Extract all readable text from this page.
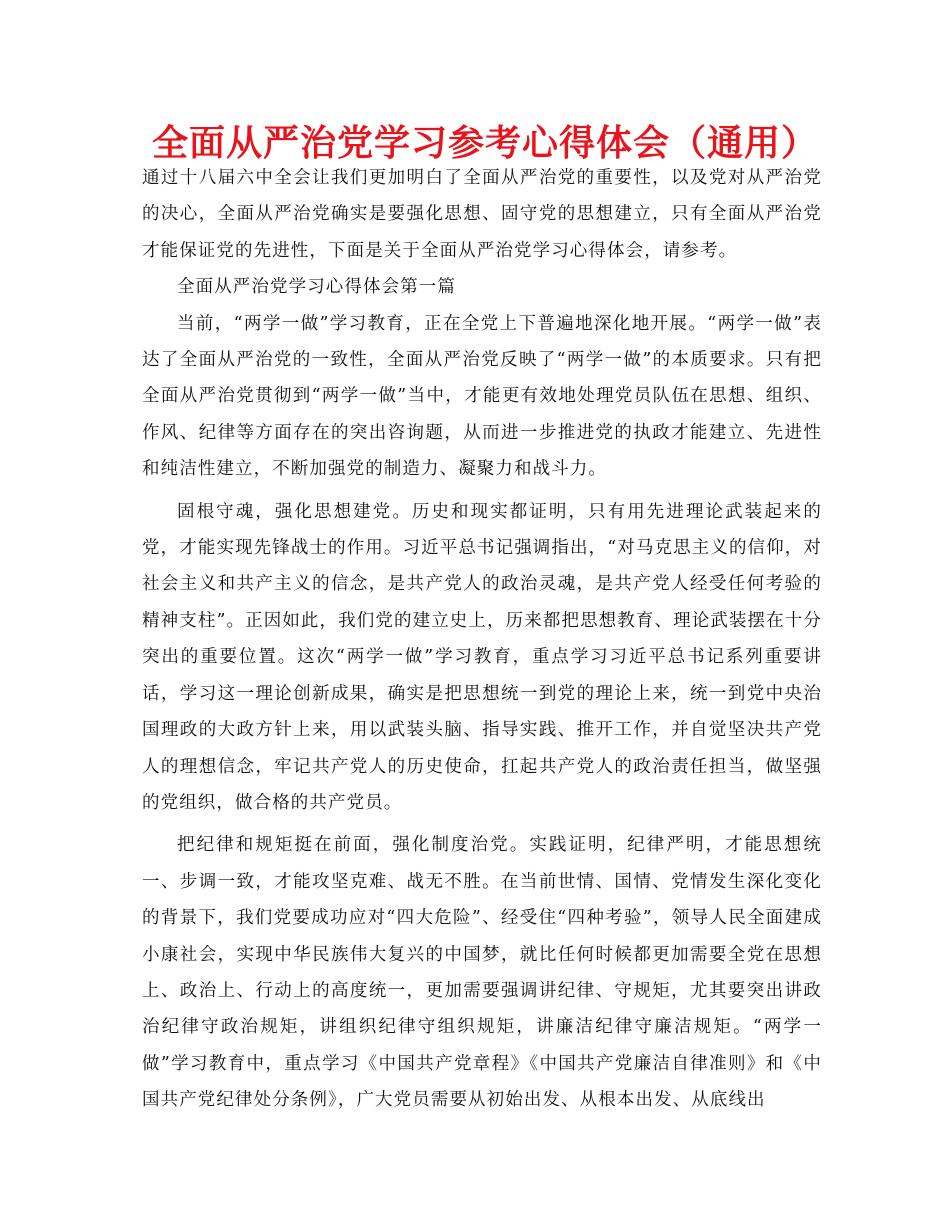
全面从严治党学习参考心得体会（通用）

通过十八届六中全会让我们更加明白了全面从严治党的重要性，以及党对从严治党的决心，全面从严治党确实是要强化思想、固守党的思想建立，只有全面从严治党才能保证党的先进性，下面是关于全面从严治党学习心得体会，请参考。

全面从严治党学习心得体会第一篇

当前，“两学一做”学习教育，正在全党上下普遍地深化地开展。“两学一做”表达了全面从严治党的一致性，全面从严治党反映了“两学一做”的本质要求。只有把全面从严治党贯彻到“两学一做”当中，才能更有效地处理党员队伍在思想、组织、作风、纪律等方面存在的突出咨询题，从而进一步推进党的执政才能建立、先进性和纯洁性建立，不断加强党的制造力、凝聚力和战斗力。

固根守魂，强化思想建党。历史和现实都证明，只有用先进理论武装起来的党，才能实现先锋战士的作用。习近平总书记强调指出，“对马克思主义的信仰，对社会主义和共产主义的信念，是共产党人的政治灵魂，是共产党人经受任何考验的精神支柱”。正因如此，我们党的建立史上，历来都把思想教育、理论武装摆在十分突出的重要位置。这次“两学一做”学习教育，重点学习习近平总书记系列重要讲话，学习这一理论创新成果，确实是把思想统一到党的理论上来，统一到党中央治国理政的大政方针上来，用以武装头脑、指导实践、推开工作，并自觉坚决共产党人的理想信念，牢记共产党人的历史使命，扛起共产党人的政治责任担当，做坚强的党组织，做合格的共产党员。

把纪律和规矩挺在前面，强化制度治党。实践证明，纪律严明，才能思想统一、步调一致，才能攻坚克难、战无不胜。在当前世情、国情、党情发生深化变化的背景下，我们党要成功应对“四大危险”、经受住“四种考验”，领导人民全面建成小康社会，实现中华民族伟大复兴的中国梦，就比任何时候都更加需要全党在思想上、政治上、行动上的高度统一，更加需要强调讲纪律、守规矩，尤其要突出讲政治纪律守政治规矩，讲组织纪律守组织规矩，讲廉洁纪律守廉洁规矩。“两学一做”学习教育中，重点学习《中国共产党章程》《中国共产党廉洁自律准则》和《中国共产党纪律处分条例》，广大党员需要从初始出发、从根本出发、从底线出
